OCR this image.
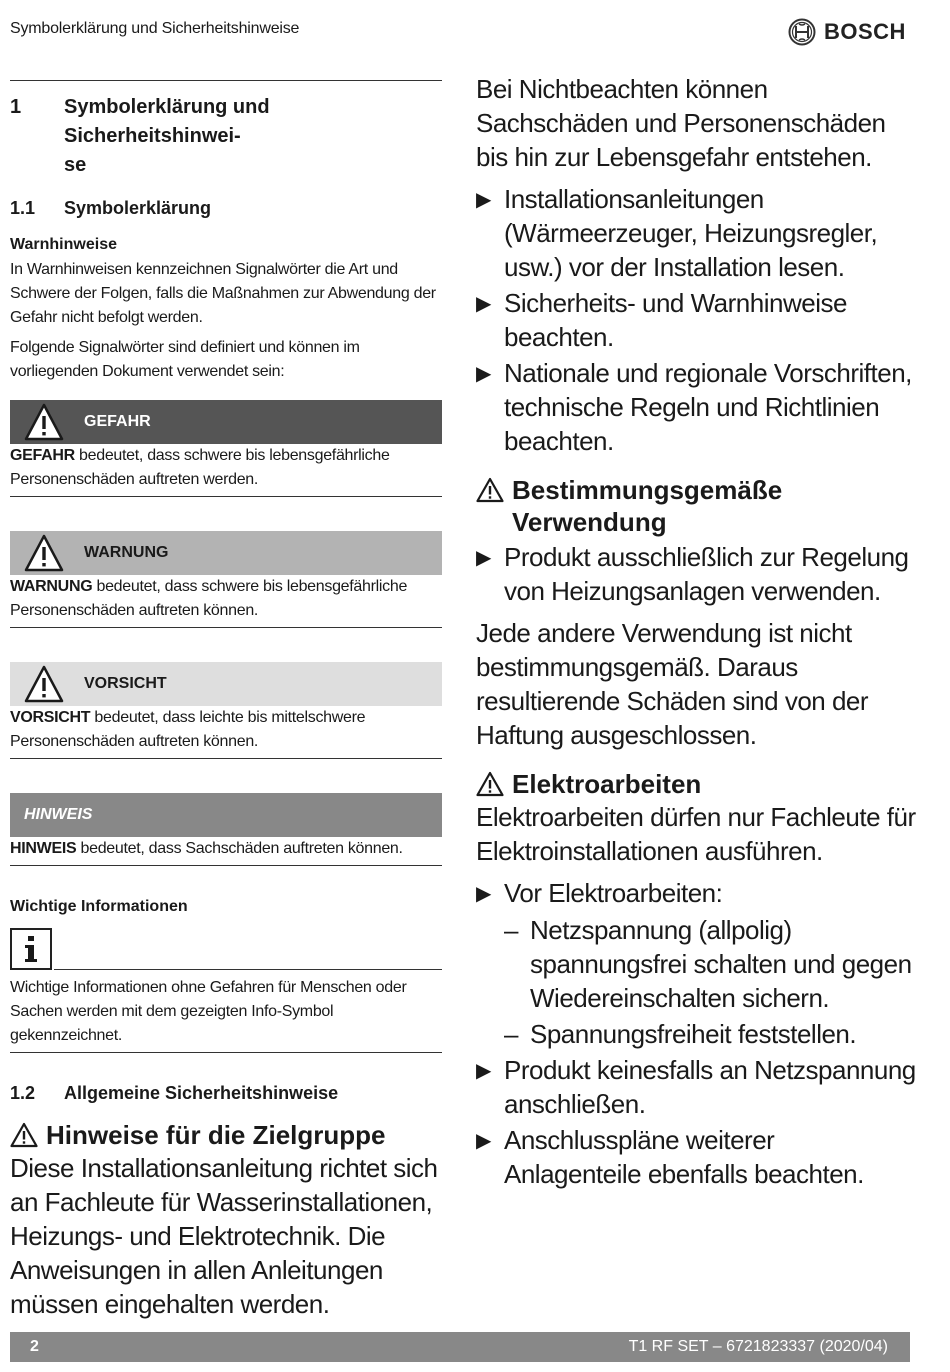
Symbolerklärung und Sicherheitshinweise	BOSCH
1	Symbolerklärung und Sicherheitshinwei-
se
1.1	Symbolerklärung
Warnhinweise
In Warnhinweisen kennzeichnen Signalwörter die Art und Schwere der Folgen, falls die Maßnahmen zur Abwendung der Gefahr nicht befolgt werden.
Folgende Signalwörter sind definiert und können im vorliegenden Dokument verwendet sein:
GEFAHR
GEFAHR bedeutet, dass schwere bis lebensgefährliche Personenschäden auftreten werden.
WARNUNG
WARNUNG bedeutet, dass schwere bis lebensgefährliche Personenschäden auftreten können.
VORSICHT
VORSICHT bedeutet, dass leichte bis mittelschwere Personenschäden auftreten können.
HINWEIS
HINWEIS bedeutet, dass Sachschäden auftreten können.
Wichtige Informationen
Wichtige Informationen ohne Gefahren für Menschen oder Sachen werden mit dem gezeigten Info-Symbol gekennzeichnet.
1.2	Allgemeine Sicherheitshinweise
Hinweise für die Zielgruppe
Diese Installationsanleitung richtet sich an Fachleute für Wasserinstallationen, Heizungs- und Elektrotechnik. Die Anweisungen in allen Anleitungen müssen eingehalten werden.
Bei Nichtbeachten können Sachschäden und Personenschäden bis hin zur Lebensgefahr entstehen.
▶ Installationsanleitungen (Wärmeerzeuger, Heizungsregler, usw.) vor der Installation lesen.
▶ Sicherheits- und Warnhinweise beachten.
▶ Nationale und regionale Vorschriften, technische Regeln und Richtlinien beachten.
Bestimmungsgemäße Verwendung
▶ Produkt ausschließlich zur Regelung von Heizungsanlagen verwenden.
Jede andere Verwendung ist nicht bestimmungsgemäß. Daraus resultierende Schäden sind von der Haftung ausgeschlossen.
Elektroarbeiten
Elektroarbeiten dürfen nur Fachleute für Elektroinstallationen ausführen.
▶ Vor Elektroarbeiten:
– Netzspannung (allpolig) spannungsfrei schalten und gegen Wiedereinschalten sichern.
– Spannungsfreiheit feststellen.
▶ Produkt keinesfalls an Netzspannung anschließen.
▶ Anschlusspläne weiterer Anlagenteile ebenfalls beachten.
2	T1 RF SET – 6721823337 (2020/04)
